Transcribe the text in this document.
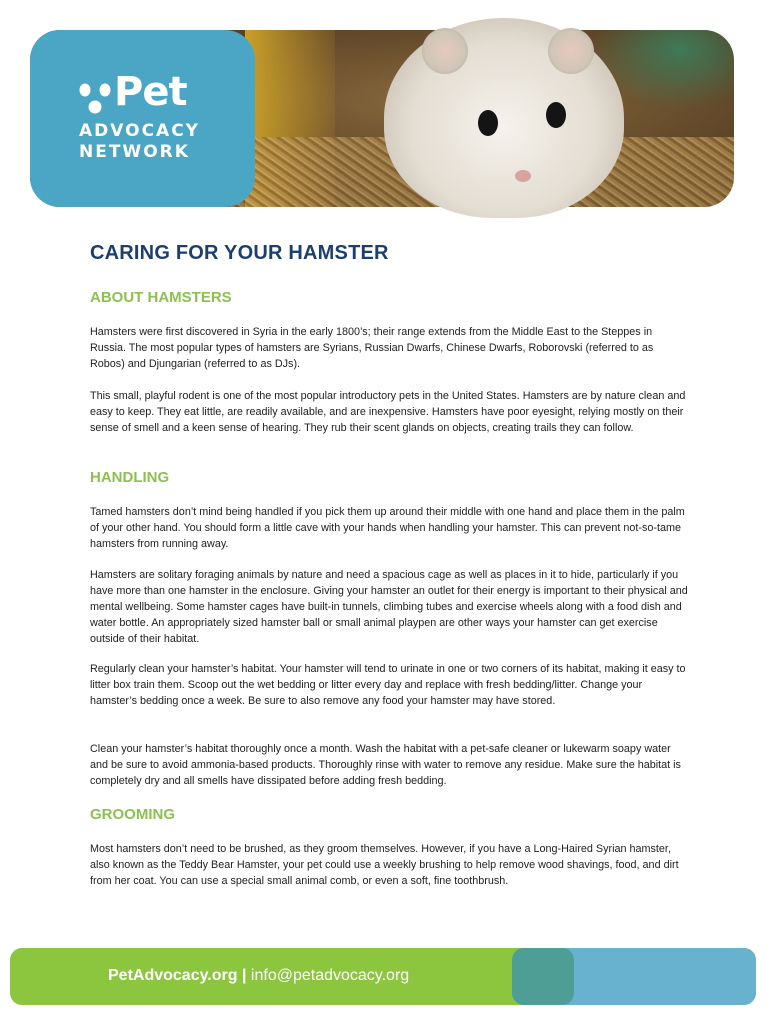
Pet
ADVOCACY
NETWORK
CARING FOR YOUR HAMSTER
ABOUT HAMSTERS

Hamsters were first discovered in Syria in the early 1800’s; their range extends from the Middle East to the Steppes in Russia. The most popular types of hamsters are Syrians, Russian Dwarfs, Chinese Dwarfs, Roborovski (referred to as Robos) and Djungarian (referred to as DJs).

This small, playful rodent is one of the most popular introductory pets in the United States. Hamsters are by nature clean and easy to keep. They eat little, are readily available, and are inexpensive. Hamsters have poor eyesight, relying mostly on their sense of smell and a keen sense of hearing. They rub their scent glands on objects, creating trails they can follow.

HANDLING

Tamed hamsters don’t mind being handled if you pick them up around their middle with one hand and place them in the palm of your other hand. You should form a little cave with your hands when handling your hamster. This can prevent not-so-tame hamsters from running away.

Hamsters are solitary foraging animals by nature and need a spacious cage as well as places in it to hide, particularly if you have more than one hamster in the enclosure. Giving your hamster an outlet for their energy is important to their physical and mental wellbeing. Some hamster cages have built-in tunnels, climbing tubes and exercise wheels along with a food dish and water bottle. An appropriately sized hamster ball or small animal playpen are other ways your hamster can get exercise outside of their habitat.

Regularly clean your hamster’s habitat. Your hamster will tend to urinate in one or two corners of its habitat, making it easy to litter box train them. Scoop out the wet bedding or litter every day and replace with fresh bedding/litter. Change your hamster’s bedding once a week. Be sure to also remove any food your hamster may have stored.

Clean your hamster’s habitat thoroughly once a month. Wash the habitat with a pet-safe cleaner or lukewarm soapy water and be sure to avoid ammonia-based products. Thoroughly rinse with water to remove any residue. Make sure the habitat is completely dry and all smells have dissipated before adding fresh bedding.

GROOMING

Most hamsters don’t need to be brushed, as they groom themselves. However, if you have a Long-Haired Syrian hamster, also known as the Teddy Bear Hamster, your pet could use a weekly brushing to help remove wood shavings, food, and dirt from her coat. You can use a special small animal comb, or even a soft, fine toothbrush.

PetAdvocacy.org | info@petadvocacy.org
